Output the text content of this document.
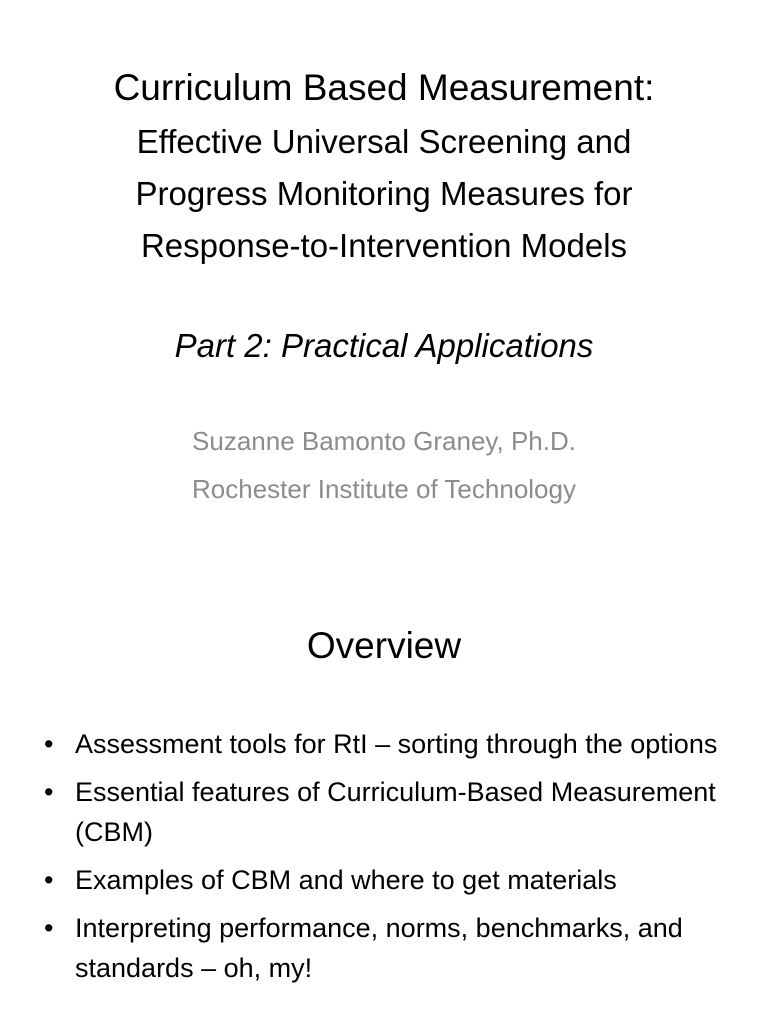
Curriculum Based Measurement:
Effective Universal Screening and
Progress Monitoring Measures for
Response-to-Intervention Models
Part 2: Practical Applications
Suzanne Bamonto Graney, Ph.D.
Rochester Institute of Technology
Overview
• Assessment tools for RtI – sorting through the options
• Essential features of Curriculum-Based Measurement (CBM)
• Examples of CBM and where to get materials
• Interpreting performance, norms, benchmarks, and standards – oh, my!
